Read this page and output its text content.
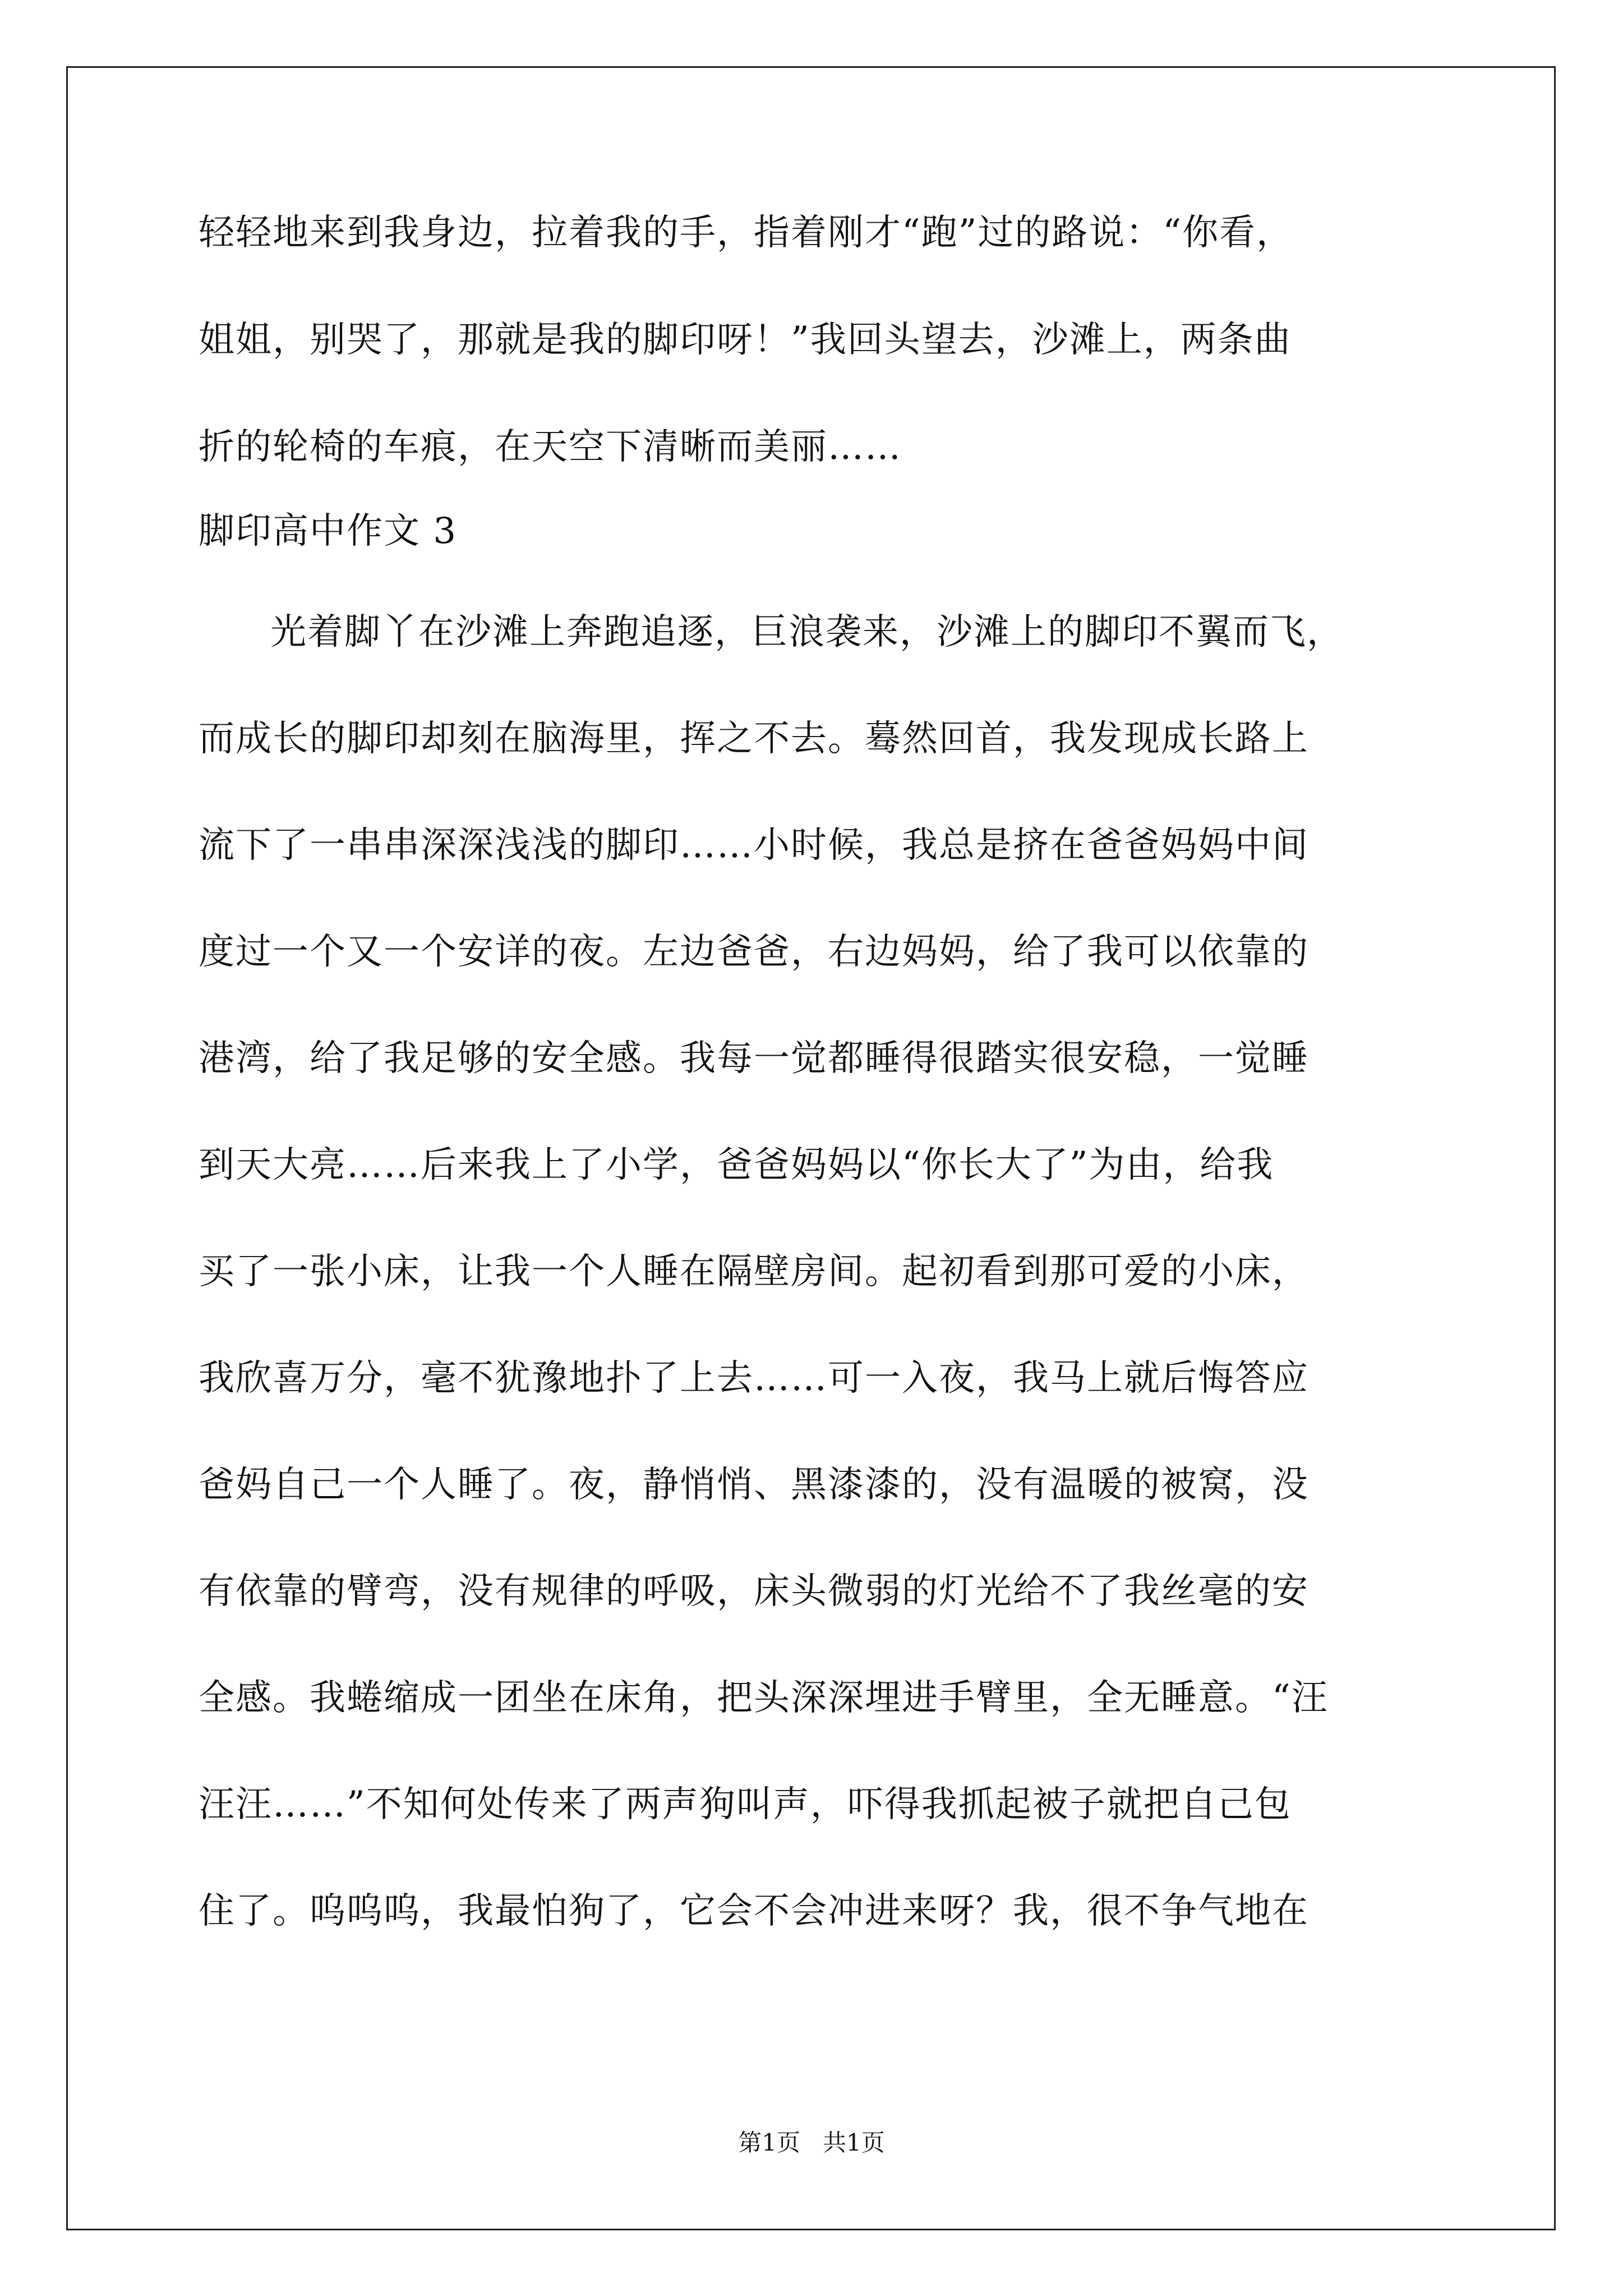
轻轻地来到我身边，拉着我的手，指着刚才“跑”过的路说：“你看，
姐姐，别哭了，那就是我的脚印呀！”我回头望去，沙滩上，两条曲
折的轮椅的车痕，在天空下清晰而美丽……
脚印高中作文 3
光着脚丫在沙滩上奔跑追逐，巨浪袭来，沙滩上的脚印不翼而飞，
而成长的脚印却刻在脑海里，挥之不去。蓦然回首，我发现成长路上
流下了一串串深深浅浅的脚印……小时候，我总是挤在爸爸妈妈中间
度过一个又一个安详的夜。左边爸爸，右边妈妈，给了我可以依靠的
港湾，给了我足够的安全感。我每一觉都睡得很踏实很安稳，一觉睡
到天大亮……后来我上了小学，爸爸妈妈以“你长大了”为由，给我
买了一张小床，让我一个人睡在隔壁房间。起初看到那可爱的小床，
我欣喜万分，毫不犹豫地扑了上去……可一入夜，我马上就后悔答应
爸妈自己一个人睡了。夜，静悄悄、黑漆漆的，没有温暖的被窝，没
有依靠的臂弯，没有规律的呼吸，床头微弱的灯光给不了我丝毫的安
全感。我蜷缩成一团坐在床角，把头深深埋进手臂里，全无睡意。“汪
汪汪……”不知何处传来了两声狗叫声，吓得我抓起被子就把自己包
住了。呜呜呜，我最怕狗了，它会不会冲进来呀？我，很不争气地在
第1页   共1页
